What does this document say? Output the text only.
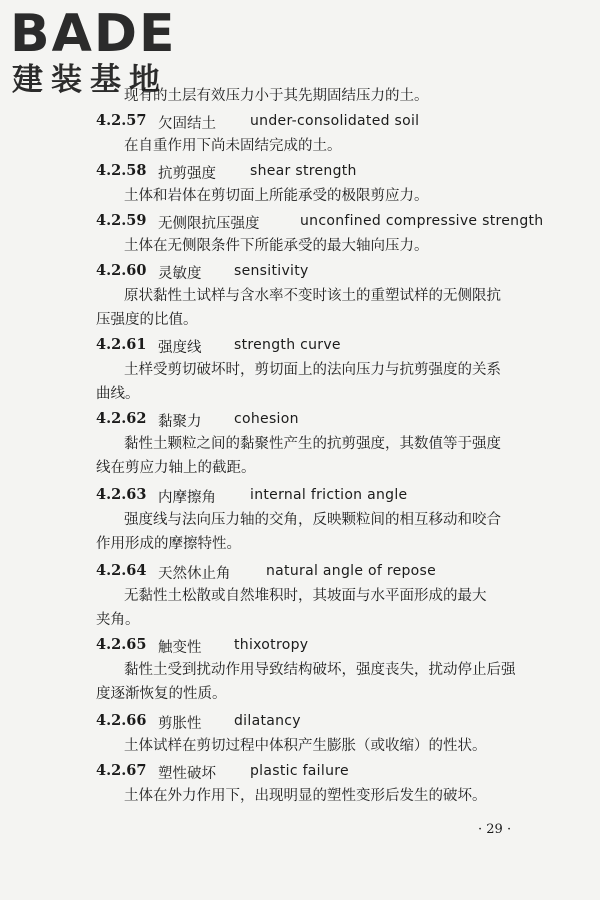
BADE
建装基地
现有的土层有效压力小于其先期固结压力的土。
4.2.57 欠固结土 under-consolidated soil
在自重作用下尚未固结完成的土。
4.2.58 抗剪强度 shear strength
土体和岩体在剪切面上所能承受的极限剪应力。
4.2.59 无侧限抗压强度	unconfined compressive strength
土体在无侧限条件下所能承受的最大轴向压力。
4.2.60 灵敏度 sensitivity
原状黏性土试样与含水率不变时该土的重塑试样的无侧限抗
压强度的比值。
4.2.61 强度线 strength curve
土样受剪切破坏时，剪切面上的法向压力与抗剪强度的关系
曲线。
4.2.62 黏聚力 cohesion
黏性土颗粒之间的黏聚性产生的抗剪强度，其数值等于强度
线在剪应力轴上的截距。
4.2.63 内摩擦角 internal friction angle
强度线与法向压力轴的交角，反映颗粒间的相互移动和咬合
作用形成的摩擦特性。
4.2.64 天然休止角	natural angle of repose
无黏性土松散或自然堆积时，其坡面与水平面形成的最大
夹角。
4.2.65 触变性 thixotropy
黏性土受到扰动作用导致结构破坏，强度丧失，扰动停止后强
度逐渐恢复的性质。
4.2.66 剪胀性 dilatancy
土体试样在剪切过程中体积产生膨胀（或收缩）的性状。
4.2.67 塑性破坏 plastic failure
土体在外力作用下，出现明显的塑性变形后发生的破坏。
· 29 ·
